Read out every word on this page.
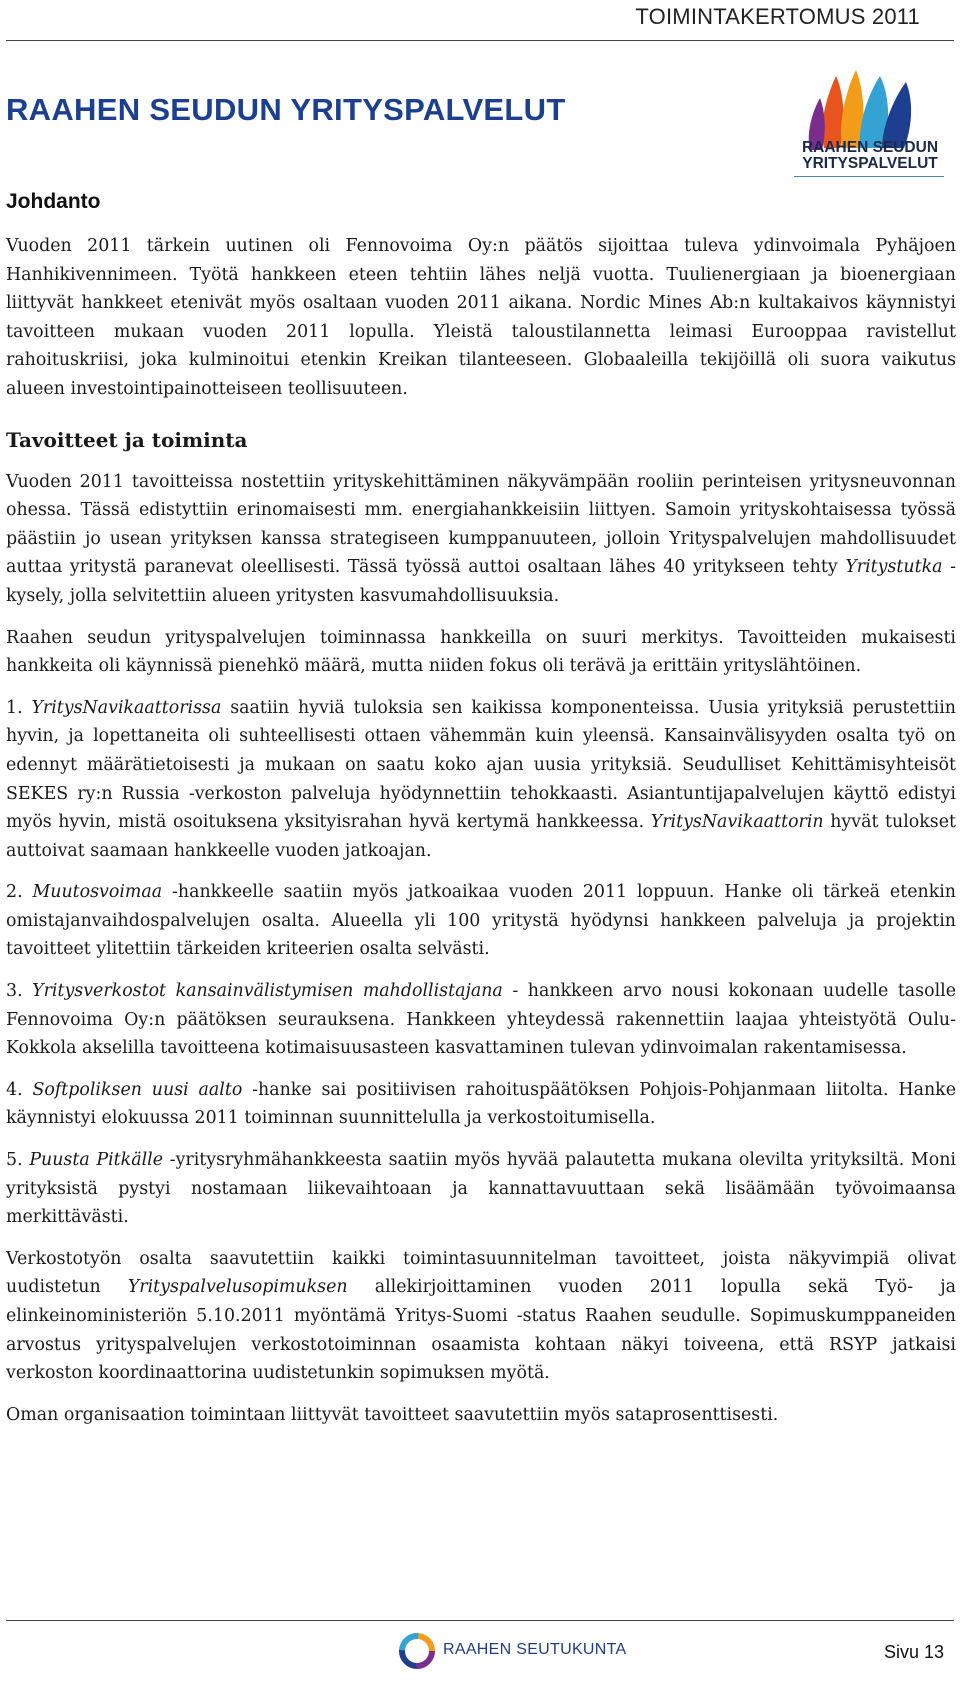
TOIMINTAKERTOMUS 2011
RAAHEN SEUDUN YRITYSPALVELUT
RAAHEN SEUDUN
YRITYSPALVELUT
Johdanto

Vuoden 2011 tärkein uutinen oli Fennovoima Oy:n päätös sijoittaa tuleva ydinvoimala Pyhäjoen Hanhikivennimeen. Työtä hankkeen eteen tehtiin lähes neljä vuotta. Tuulienergiaan ja bioenergiaan liittyvät hankkeet etenivät myös osaltaan vuoden 2011 aikana. Nordic Mines Ab:n kultakaivos käynnistyi tavoitteen mukaan vuoden 2011 lopulla. Yleistä taloustilannetta leimasi Eurooppaa ravistellut rahoituskriisi, joka kulminoitui etenkin Kreikan tilanteeseen. Globaaleilla tekijöillä oli suora vaikutus alueen investointipainotteiseen teollisuuteen.

Tavoitteet ja toiminta

Vuoden 2011 tavoitteissa nostettiin yrityskehittäminen näkyvämpään rooliin perinteisen yritysneuvonnan ohessa. Tässä edistyttiin erinomaisesti mm. energiahankkeisiin liittyen. Samoin yrityskohtaisessa työssä päästiin jo usean yrityksen kanssa strategiseen kumppanuuteen, jolloin Yrityspalvelujen mahdollisuudet auttaa yritystä paranevat oleellisesti. Tässä työssä auttoi osaltaan lähes 40 yritykseen tehty Yritystutka -kysely, jolla selvitettiin alueen yritysten kasvumahdollisuuksia.

Raahen seudun yrityspalvelujen toiminnassa hankkeilla on suuri merkitys. Tavoitteiden mukaisesti hankkeita oli käynnissä pienehkö määrä, mutta niiden fokus oli terävä ja erittäin yrityslähtöinen.

1. YritysNavikaattorissa saatiin hyviä tuloksia sen kaikissa komponenteissa. Uusia yrityksiä perustettiin hyvin, ja lopettaneita oli suhteellisesti ottaen vähemmän kuin yleensä. Kansainvälisyyden osalta työ on edennyt määrätietoisesti ja mukaan on saatu koko ajan uusia yrityksiä. Seudulliset Kehittämisyhteisöt SEKES ry:n Russia -verkoston palveluja hyödynnettiin tehokkaasti. Asiantuntijapalvelujen käyttö edistyi myös hyvin, mistä osoituksena yksityisrahan hyvä kertymä hankkeessa. YritysNavikaattorin hyvät tulokset auttoivat saamaan hankkeelle vuoden jatkoajan.

2. Muutosvoimaa -hankkeelle saatiin myös jatkoaikaa vuoden 2011 loppuun. Hanke oli tärkeä etenkin omistajanvaihdospalvelujen osalta. Alueella yli 100 yritystä hyödynsi hankkeen palveluja ja projektin tavoitteet ylitettiin tärkeiden kriteerien osalta selvästi.

3. Yritysverkostot kansainvälistymisen mahdollistajana - hankkeen arvo nousi kokonaan uudelle tasolle Fennovoima Oy:n päätöksen seurauksena. Hankkeen yhteydessä rakennettiin laajaa yhteistyötä Oulu-Kokkola akselilla tavoitteena kotimaisuusasteen kasvattaminen tulevan ydinvoimalan rakentamisessa.

4. Softpoliksen uusi aalto -hanke sai positiivisen rahoituspäätöksen Pohjois-Pohjanmaan liitolta. Hanke käynnistyi elokuussa 2011 toiminnan suunnittelulla ja verkostoitumisella.

5. Puusta Pitkälle -yritysryhmähankkeesta saatiin myös hyvää palautetta mukana olevilta yrityksiltä. Moni yrityksistä pystyi nostamaan liikevaihtoaan ja kannattavuuttaan sekä lisäämään työvoimaansa merkittävästi.

Verkostotyön osalta saavutettiin kaikki toimintasuunnitelman tavoitteet, joista näkyvimpiä olivat uudistetun Yrityspalvelusopimuksen allekirjoittaminen vuoden 2011 lopulla sekä Työ- ja elinkeinoministeriön 5.10.2011 myöntämä Yritys-Suomi -status Raahen seudulle. Sopimuskumppaneiden arvostus yrityspalvelujen verkostotoiminnan osaamista kohtaan näkyi toiveena, että RSYP jatkaisi verkoston koordinaattorina uudistetunkin sopimuksen myötä.

Oman organisaation toimintaan liittyvät tavoitteet saavutettiin myös sataprosenttisesti.

RAAHEN SEUTUKUNTA	Sivu 13
